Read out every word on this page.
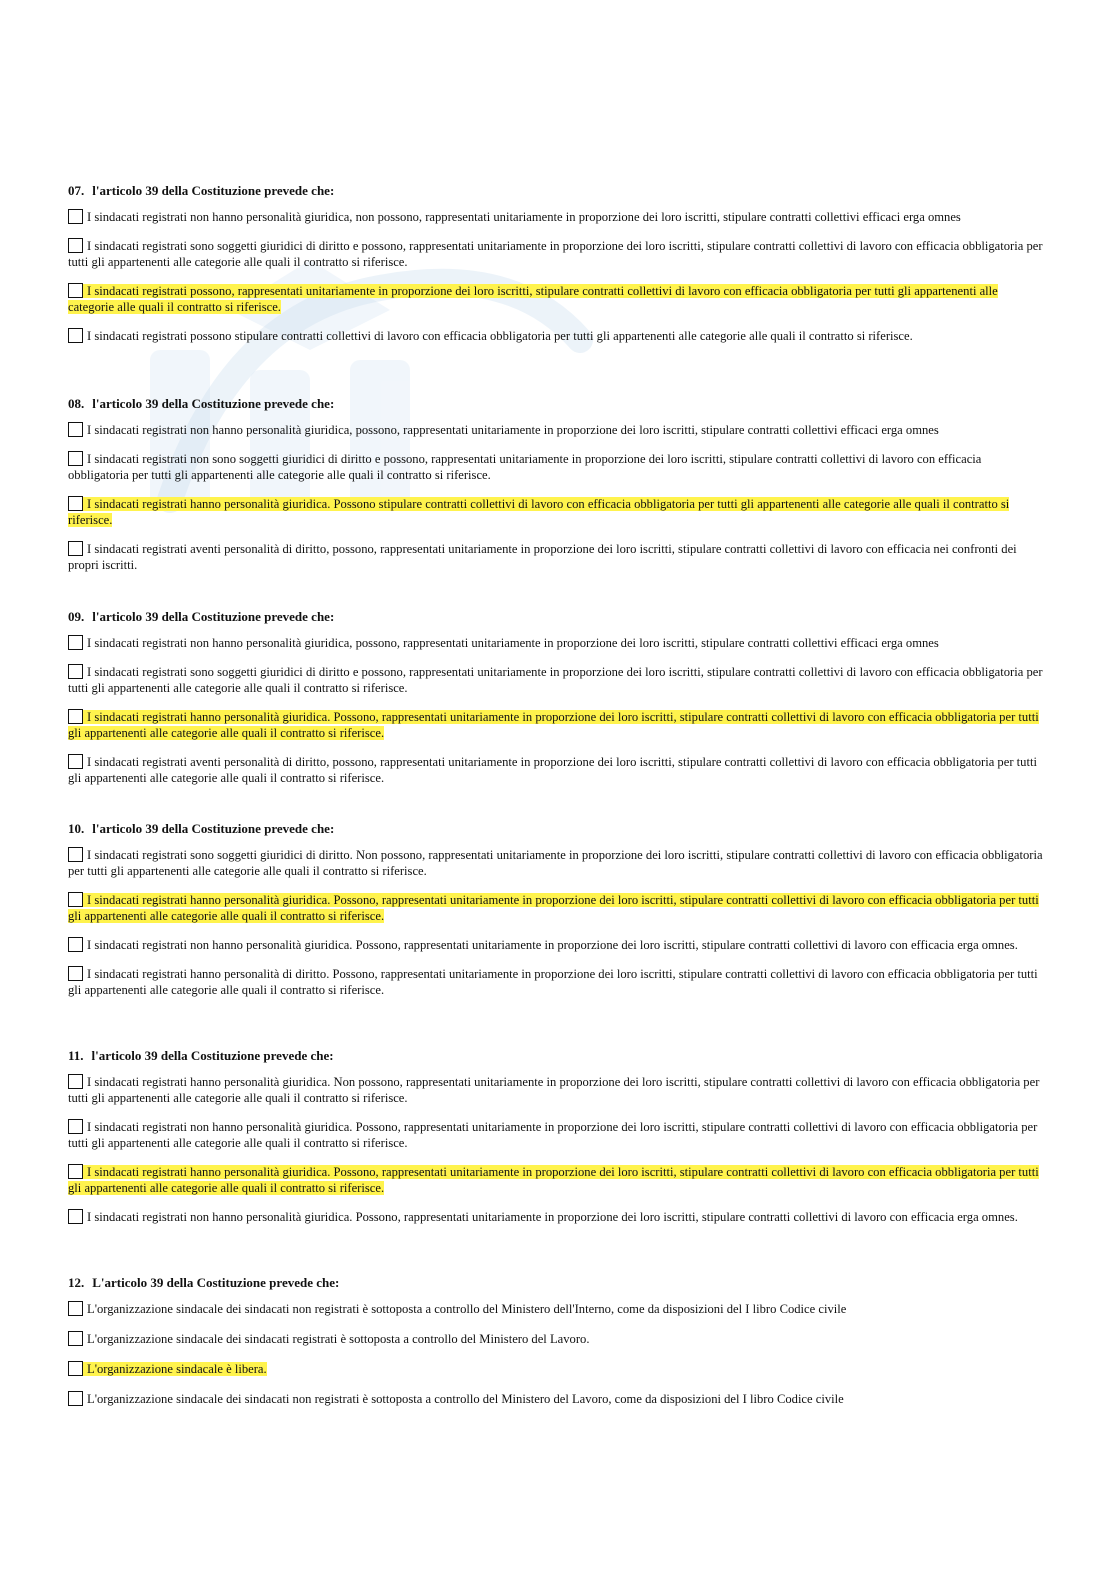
07. l'articolo 39 della Costituzione prevede che:
I sindacati registrati non hanno personalità giuridica, non possono, rappresentati unitariamente in proporzione dei loro iscritti, stipulare contratti collettivi efficaci erga omnes
I sindacati registrati sono soggetti giuridici di diritto e possono, rappresentati unitariamente in proporzione dei loro iscritti, stipulare contratti collettivi di lavoro con efficacia obbligatoria per tutti gli appartenenti alle categorie alle quali il contratto si riferisce.
I sindacati registrati possono, rappresentati unitariamente in proporzione dei loro iscritti, stipulare contratti collettivi di lavoro con efficacia obbligatoria per tutti gli appartenenti alle categorie alle quali il contratto si riferisce.
I sindacati registrati possono stipulare contratti collettivi di lavoro con efficacia obbligatoria per tutti gli appartenenti alle categorie alle quali il contratto si riferisce.
08. l'articolo 39 della Costituzione prevede che:
I sindacati registrati non hanno personalità giuridica, possono, rappresentati unitariamente in proporzione dei loro iscritti, stipulare contratti collettivi efficaci erga omnes
I sindacati registrati non sono soggetti giuridici di diritto e possono, rappresentati unitariamente in proporzione dei loro iscritti, stipulare contratti collettivi di lavoro con efficacia obbligatoria per tutti gli appartenenti alle categorie alle quali il contratto si riferisce.
I sindacati registrati hanno personalità giuridica. Possono stipulare contratti collettivi di lavoro con efficacia obbligatoria per tutti gli appartenenti alle categorie alle quali il contratto si riferisce.
I sindacati registrati aventi personalità di diritto, possono, rappresentati unitariamente in proporzione dei loro iscritti, stipulare contratti collettivi di lavoro con efficacia nei confronti dei propri iscritti.
09. l'articolo 39 della Costituzione prevede che:
I sindacati registrati non hanno personalità giuridica, possono, rappresentati unitariamente in proporzione dei loro iscritti, stipulare contratti collettivi efficaci erga omnes
I sindacati registrati sono soggetti giuridici di diritto e possono, rappresentati unitariamente in proporzione dei loro iscritti, stipulare contratti collettivi di lavoro con efficacia obbligatoria per tutti gli appartenenti alle categorie alle quali il contratto si riferisce.
I sindacati registrati hanno personalità giuridica. Possono, rappresentati unitariamente in proporzione dei loro iscritti, stipulare contratti collettivi di lavoro con efficacia obbligatoria per tutti gli appartenenti alle categorie alle quali il contratto si riferisce.
I sindacati registrati aventi personalità di diritto, possono, rappresentati unitariamente in proporzione dei loro iscritti, stipulare contratti collettivi di lavoro con efficacia obbligatoria per tutti gli appartenenti alle categorie alle quali il contratto si riferisce.
10. l'articolo 39 della Costituzione prevede che:
I sindacati registrati sono soggetti giuridici di diritto. Non possono, rappresentati unitariamente in proporzione dei loro iscritti, stipulare contratti collettivi di lavoro con efficacia obbligatoria per tutti gli appartenenti alle categorie alle quali il contratto si riferisce.
I sindacati registrati hanno personalità giuridica. Possono, rappresentati unitariamente in proporzione dei loro iscritti, stipulare contratti collettivi di lavoro con efficacia obbligatoria per tutti gli appartenenti alle categorie alle quali il contratto si riferisce.
I sindacati registrati non hanno personalità giuridica. Possono, rappresentati unitariamente in proporzione dei loro iscritti, stipulare contratti collettivi di lavoro con efficacia erga omnes.
I sindacati registrati hanno personalità di diritto. Possono, rappresentati unitariamente in proporzione dei loro iscritti, stipulare contratti collettivi di lavoro con efficacia obbligatoria per tutti gli appartenenti alle categorie alle quali il contratto si riferisce.
11. l'articolo 39 della Costituzione prevede che:
I sindacati registrati hanno personalità giuridica. Non possono, rappresentati unitariamente in proporzione dei loro iscritti, stipulare contratti collettivi di lavoro con efficacia obbligatoria per tutti gli appartenenti alle categorie alle quali il contratto si riferisce.
I sindacati registrati non hanno personalità giuridica. Possono, rappresentati unitariamente in proporzione dei loro iscritti, stipulare contratti collettivi di lavoro con efficacia obbligatoria per tutti gli appartenenti alle categorie alle quali il contratto si riferisce.
I sindacati registrati hanno personalità giuridica. Possono, rappresentati unitariamente in proporzione dei loro iscritti, stipulare contratti collettivi di lavoro con efficacia obbligatoria per tutti gli appartenenti alle categorie alle quali il contratto si riferisce.
I sindacati registrati non hanno personalità giuridica. Possono, rappresentati unitariamente in proporzione dei loro iscritti, stipulare contratti collettivi di lavoro con efficacia erga omnes.
12. L'articolo 39 della Costituzione prevede che:
L'organizzazione sindacale dei sindacati non registrati è sottoposta a controllo del Ministero dell'Interno, come da disposizioni del I libro Codice civile
L'organizzazione sindacale dei sindacati registrati è sottoposta a controllo del Ministero del Lavoro.
L'organizzazione sindacale è libera.
L'organizzazione sindacale dei sindacati non registrati è sottoposta a controllo del Ministero del Lavoro, come da disposizioni del I libro Codice civile
